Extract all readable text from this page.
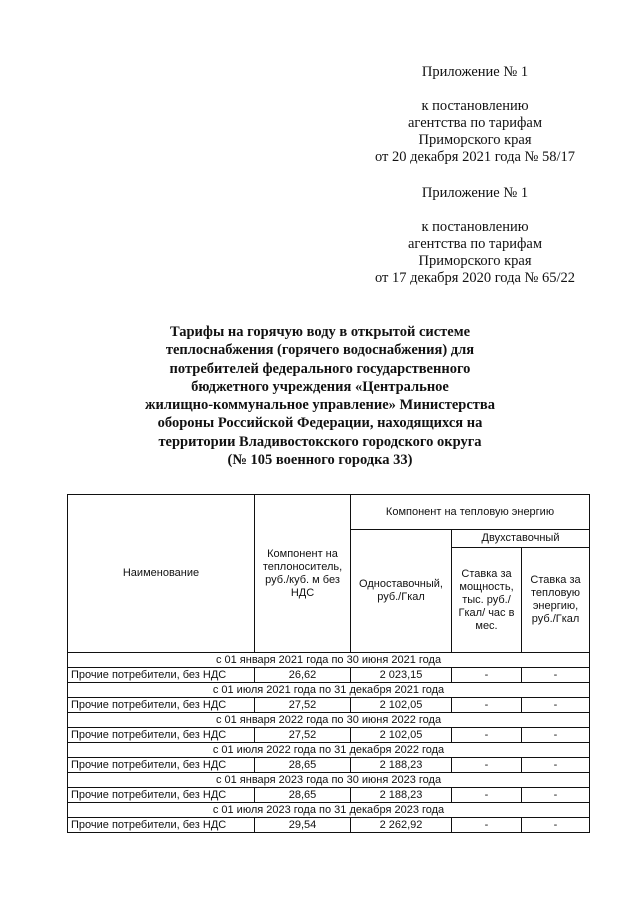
Приложение № 1
к постановлению
агентства по тарифам
Приморского края
от 20 декабря 2021 года № 58/17
Приложение № 1
к постановлению
агентства по тарифам
Приморского края
от 17 декабря 2020 года № 65/22
Тарифы на горячую воду в открытой системе
теплоснабжения (горячего водоснабжения) для
потребителей федерального государственного
бюджетного учреждения «Центральное
жилищно-коммунальное управление» Министерства
обороны Российской Федерации, находящихся на
территории Владивостокского городского округа
(№ 105 военного городка 33)
Наименование	Компонент на теплоноситель, руб./куб. м без НДС	Компонент на тепловую энергию		
		Одноставочный, руб./Гкал	Двухставочный	
			Ставка за мощность, тыс. руб./Гкал/ час в мес.	Ставка за тепловую энергию, руб./Гкал
с 01 января 2021 года по 30 июня 2021 года				
Прочие потребители, без НДС	26,62	2 023,15	-	-
с 01 июля 2021 года по 31 декабря 2021 года				
Прочие потребители, без НДС	27,52	2 102,05	-	-
с 01 января 2022 года по 30 июня 2022 года				
Прочие потребители, без НДС	27,52	2 102,05	-	-
с 01 июля 2022 года по 31 декабря 2022 года				
Прочие потребители, без НДС	28,65	2 188,23	-	-
с 01 января 2023 года по 30 июня 2023 года				
Прочие потребители, без НДС	28,65	2 188,23	-	-
с 01 июля 2023 года по 31 декабря 2023 года				
Прочие потребители, без НДС	29,54	2 262,92	-	-
